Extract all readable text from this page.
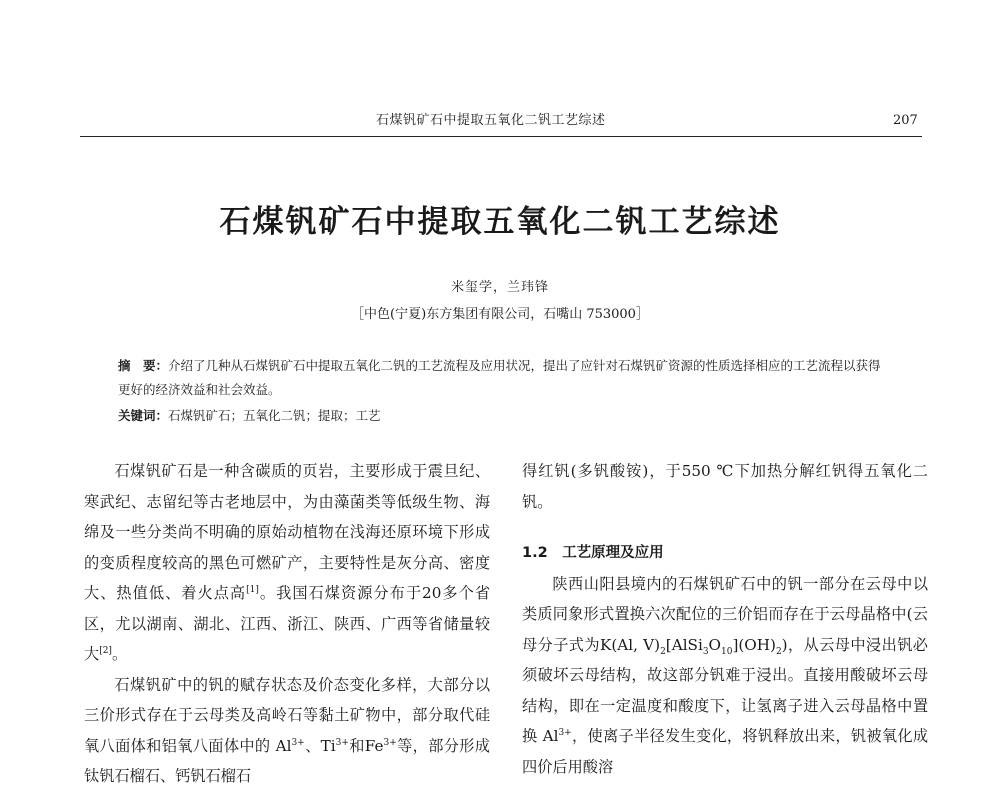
石煤钒矿石中提取五氧化二钒工艺综述	207
石煤钒矿石中提取五氧化二钒工艺综述
米玺学，兰玮锋
［中色(宁夏)东方集团有限公司，石嘴山 753000］
摘　要：介绍了几种从石煤钒矿石中提取五氧化二钒的工艺流程及应用状况，提出了应针对石煤钒矿资源的性质选择相应的工艺流程以获得更好的经济效益和社会效益。
关键词：石煤钒矿石；五氧化二钒；提取；工艺

石煤钒矿石是一种含碳质的页岩，主要形成于震旦纪、寒武纪、志留纪等古老地层中，为由藻菌类等低级生物、海绵及一些分类尚不明确的原始动植物在浅海还原环境下形成的变质程度较高的黑色可燃矿产，主要特性是灰分高、密度大、热值低、着火点高[1]。我国石煤资源分布于20多个省区，尤以湖南、湖北、江西、浙江、陕西、广西等省储量较大[2]。

石煤钒矿中的钒的赋存状态及价态变化多样，大部分以三价形式存在于云母类及高岭石等黏土矿物中，部分取代硅氧八面体和铝氧八面体中的 $Al^{3+}$、$Ti^{3+}$和$Fe^{3+}$等，部分形成钛钒石榴石、钙钒石榴石

得红钒(多钒酸铵)，于550 ℃下加热分解红钒得五氧化二钒。

1.2　 工艺原理及应用

陕西山阳县境内的石煤钒矿石中的钒一部分在云母中以类质同象形式置换六次配位的三价铝而存在于云母晶格中(云母分子式为K(Al, $V)_2[AlSi_3O_{10}](OH)_2$)，从云母中浸出钒必须破坏云母结构，故这部分钒难于浸出。直接用酸破坏云母结构，即在一定温度和酸度下，让氢离子进入云母晶格中置换 $Al^{3+}$，使离子半径发生变化，将钒释放出来，钒被氧化成四价后用酸溶
